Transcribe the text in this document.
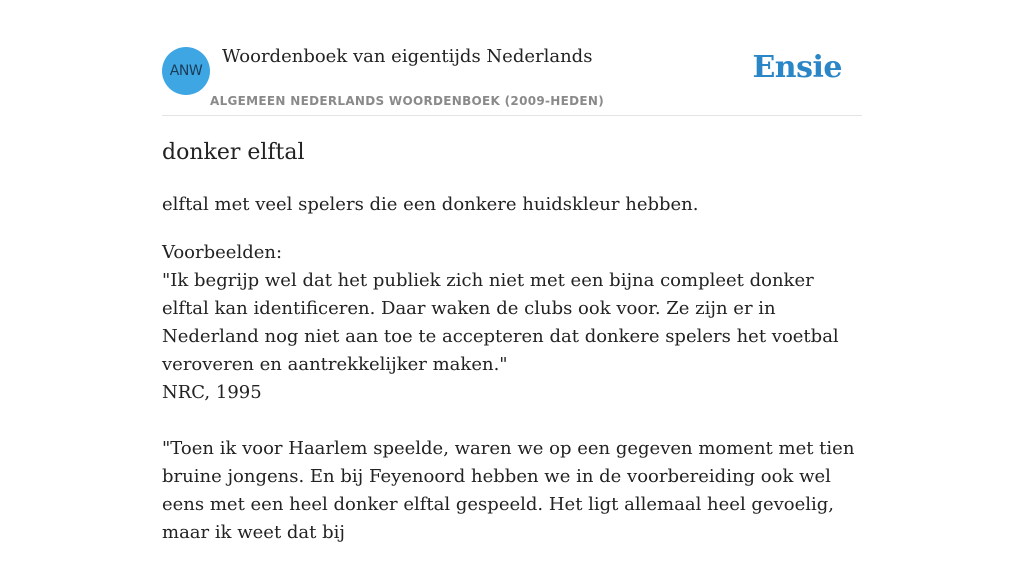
ANW
Woordenboek van eigentijds Nederlands
ALGEMEEN NEDERLANDS WOORDENBOEK (2009-HEDEN)
Ensie
donker elftal
elftal met veel spelers die een donkere huidskleur hebben.
Voorbeelden:
"Ik begrijp wel dat het publiek zich niet met een bijna compleet donker elftal kan identificeren. Daar waken de clubs ook voor. Ze zijn er in Nederland nog niet aan toe te accepteren dat donkere spelers het voetbal veroveren en aantrekkelijker maken."
NRC, 1995
"Toen ik voor Haarlem speelde, waren we op een gegeven moment met tien bruine jongens. En bij Feyenoord hebben we in de voorbereiding ook wel eens met een heel donker elftal gespeeld. Het ligt allemaal heel gevoelig, maar ik weet dat bij
